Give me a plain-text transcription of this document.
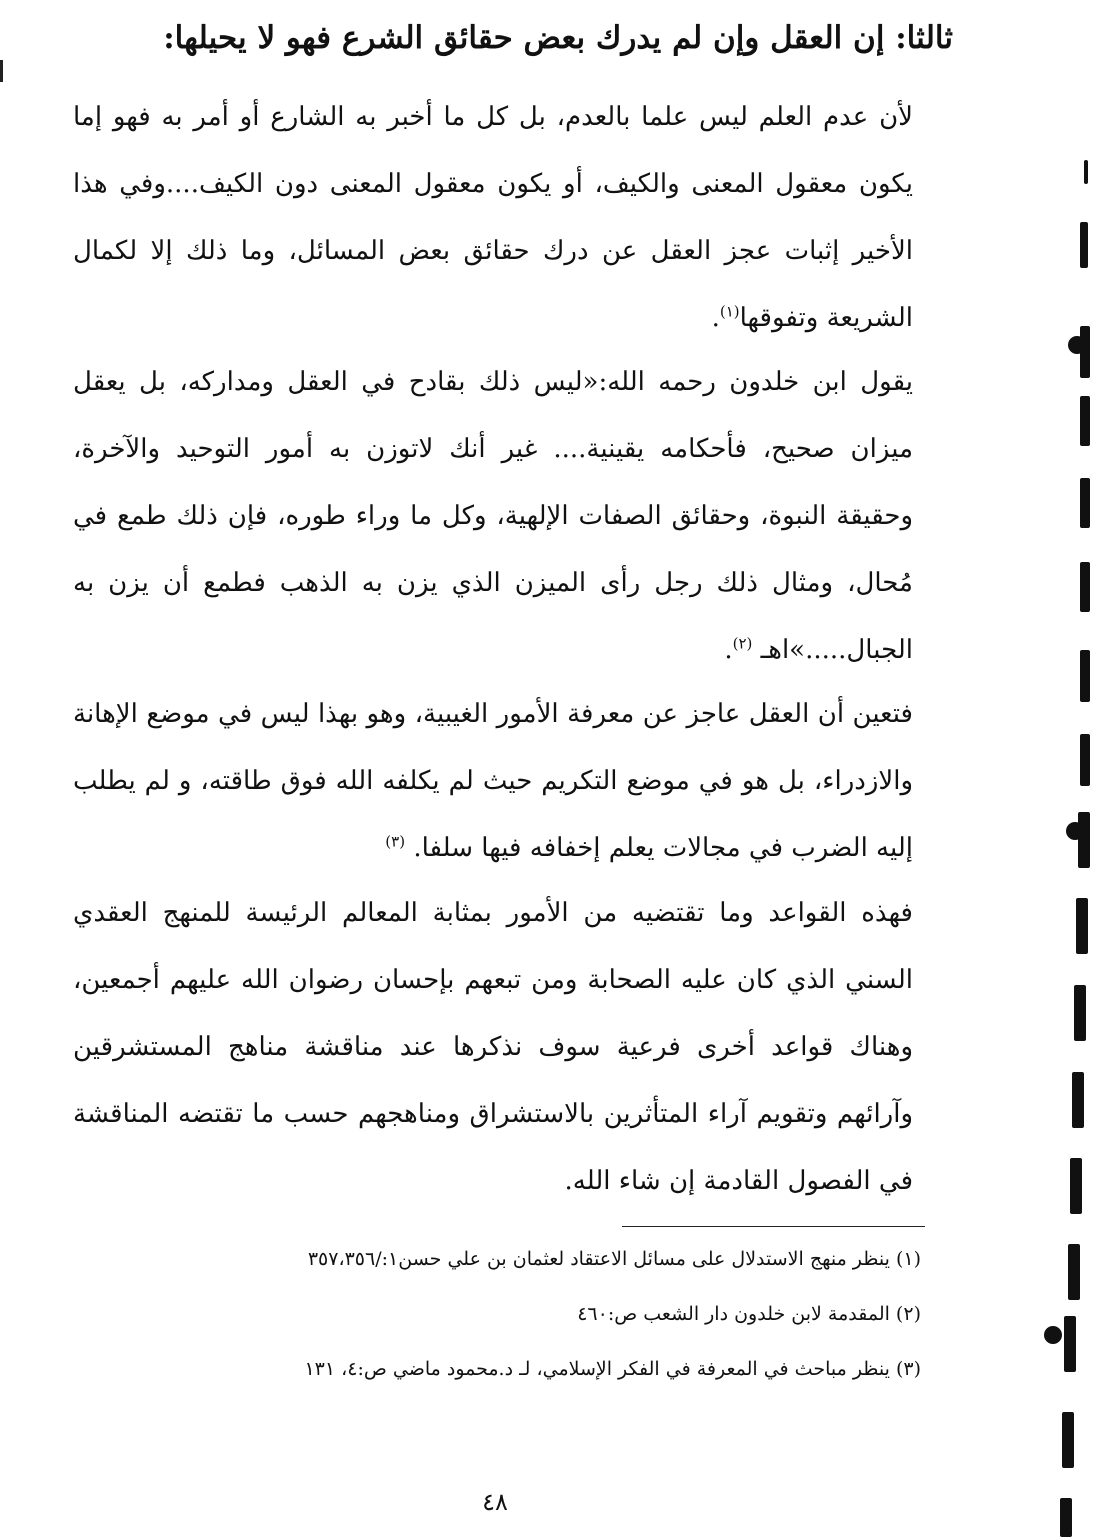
ثالثا: إن العقل وإن لم يدرك بعض حقائق الشرع فهو لا يحيلها:
لأن عدم العلم ليس علما بالعدم، بل كل ما أخبر به الشارع أو أمر به فهو إما يكون معقول المعنى والكيف، أو يكون معقول المعنى دون الكيف....وفي هذا الأخير إثبات عجز العقل عن درك حقائق بعض المسائل، وما ذلك إلا لكمال الشريعة وتفوقها$^{(١)}$.
يقول ابن خلدون رحمه الله:«ليس ذلك بقادح في العقل ومداركه، بل يعقل ميزان صحيح، فأحكامه يقينية.... غير أنك لاتوزن به أمور التوحيد والآخرة، وحقيقة النبوة، وحقائق الصفات الإلهية، وكل ما وراء طوره، فإن ذلك طمع في مُحال، ومثال ذلك رجل رأى الميزن الذي يزن به الذهب فطمع أن يزن به الجبال.....»اهـ $^{(٢)}$.
فتعين أن العقل عاجز عن معرفة الأمور الغيبية، وهو بهذا ليس في موضع الإهانة والازدراء، بل هو في موضع التكريم حيث لم يكلفه الله فوق طاقته، و لم يطلب إليه الضرب في مجالات يعلم إخفافه فيها سلفا. $^{(٣)}$
فهذه القواعد وما تقتضيه من الأمور بمثابة المعالم الرئيسة للمنهج العقدي السني الذي كان عليه الصحابة ومن تبعهم بإحسان رضوان الله عليهم أجمعين، وهناك قواعد أخرى فرعية سوف نذكرها عند مناقشة مناهج المستشرقين وآرائهم وتقويم آراء المتأثرين بالاستشراق ومناهجهم حسب ما تقتضه المناقشة في الفصول القادمة إن شاء الله.
(١) ينظر منهج الاستدلال على مسائل الاعتقاد لعثمان بن علي حسن١:/٣٥٧،٣٥٦
(٢) المقدمة لابن خلدون دار الشعب ص:٤٦٠
(٣) ينظر مباحث في المعرفة في الفكر الإسلامي، لـ د.محمود ماضي ص:٤، ١٣١
٤٨
